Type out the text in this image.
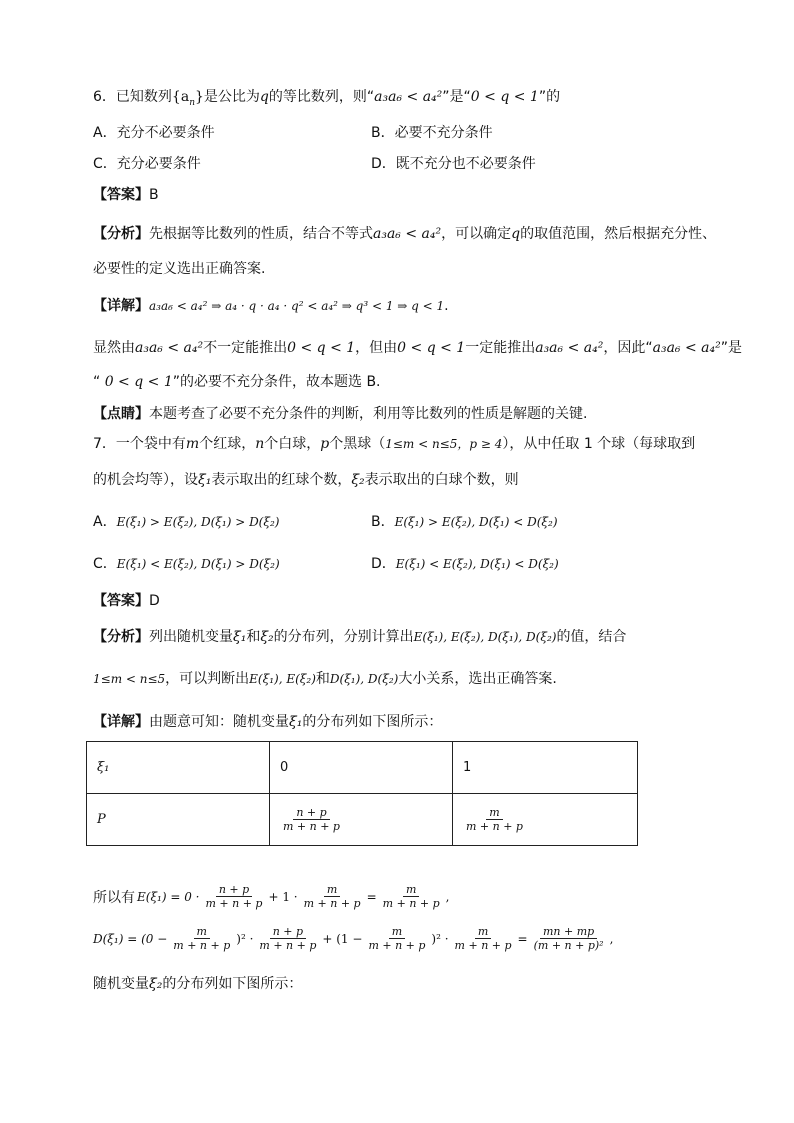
6．已知数列$\{a_n\}$是公比为q的等比数列，则“a₃a₆ < a₄²”是“0 < q < 1”的
A．充分不必要条件	B．必要不充分条件
C．充分必要条件	D．既不充分也不必要条件
【答案】B
【分析】先根据等比数列的性质，结合不等式a₃a₆ < a₄²，可以确定q的取值范围，然后根据充分性、
必要性的定义选出正确答案.
【详解】a₃a₆ < a₄² ⇒ a₄ · q · a₄ · q² < a₄² ⇒ q³ < 1 ⇒ q < 1.
显然由a₃a₆ < a₄²不一定能推出0 < q < 1，但由0 < q < 1一定能推出a₃a₆ < a₄²，因此“a₃a₆ < a₄²”是
“ 0 < q < 1”的必要不充分条件，故本题选 B.
【点睛】本题考查了必要不充分条件的判断，利用等比数列的性质是解题的关键.
7．一个袋中有m个红球，n个白球，p个黑球（1≤m < n≤5，p ≥ 4），从中任取 1 个球（每球取到
的机会均等），设ξ₁表示取出的红球个数，ξ₂表示取出的白球个数，则
A．E(ξ₁) > E(ξ₂), D(ξ₁) > D(ξ₂)	B．E(ξ₁) > E(ξ₂), D(ξ₁) < D(ξ₂)
C．E(ξ₁) < E(ξ₂), D(ξ₁) > D(ξ₂)	D．E(ξ₁) < E(ξ₂), D(ξ₁) < D(ξ₂)
【答案】D
【分析】列出随机变量ξ₁和ξ₂的分布列，分别计算出E(ξ₁), E(ξ₂), D(ξ₁), D(ξ₂)的值，结合
1≤m < n≤5，可以判断出E(ξ₁), E(ξ₂)和D(ξ₁), D(ξ₂)大小关系，选出正确答案.
【详解】由题意可知：随机变量ξ₁的分布列如下图所示：
ξ₁	0	1
P	$\frac{n + p}{m + n + p}$	$\frac{m}{m + n + p}$
所以有 $E(\xi_1) = 0 \cdot \frac{n + p}{m + n + p} + 1 \cdot \frac{m}{m + n + p} = \frac{m}{m + n + p}$ ,
$D(\xi_1) = (0 - \frac{m}{m + n + p} )^2 \cdot \frac{n + p}{m + n + p} + (1 - \frac{m}{m + n + p} )^2 \cdot \frac{m}{m + n + p} = \frac{mn + mp}{\text{(m + n + p)²}}$ ,
随机变量ξ₂的分布列如下图所示：
